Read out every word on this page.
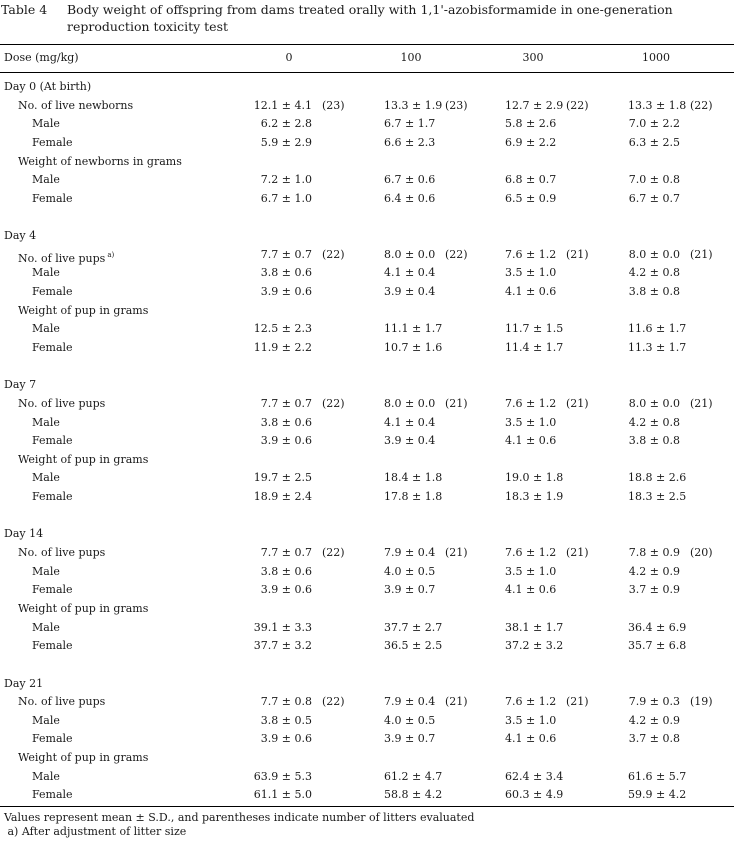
Table 4	Body weight of offspring from dams treated orally with 1,1'-azobisformamide in one-generation
reproduction toxicity test
Dose (mg/kg)	0	100	300	1000
Day 0 (At birth)
No. of live newborns	12.1 ± 4.1 (23)	13.3 ± 1.9 (23)	12.7 ± 2.9 (22)	13.3 ± 1.8 (22)
Male	6.2 ± 2.8	6.7 ± 1.7	5.8 ± 2.6	7.0 ± 2.2
Female	5.9 ± 2.9	6.6 ± 2.3	6.9 ± 2.2	6.3 ± 2.5
Weight of newborns in grams
Male	7.2 ± 1.0	6.7 ± 0.6	6.8 ± 0.7	7.0 ± 0.8
Female	6.7 ± 1.0	6.4 ± 0.6	6.5 ± 0.9	6.7 ± 0.7
Day 4
No. of live pups $^{a)}$	7.7 ± 0.7 (22)	8.0 ± 0.0 (22)	7.6 ± 1.2 (21)	8.0 ± 0.0 (21)
Male	3.8 ± 0.6	4.1 ± 0.4	3.5 ± 1.0	4.2 ± 0.8
Female	3.9 ± 0.6	3.9 ± 0.4	4.1 ± 0.6	3.8 ± 0.8
Weight of pup in grams
Male	12.5 ± 2.3	11.1 ± 1.7	11.7 ± 1.5	11.6 ± 1.7
Female	11.9 ± 2.2	10.7 ± 1.6	11.4 ± 1.7	11.3 ± 1.7
Day 7
No. of live pups	7.7 ± 0.7 (22)	8.0 ± 0.0 (21)	7.6 ± 1.2 (21)	8.0 ± 0.0 (21)
Male	3.8 ± 0.6	4.1 ± 0.4	3.5 ± 1.0	4.2 ± 0.8
Female	3.9 ± 0.6	3.9 ± 0.4	4.1 ± 0.6	3.8 ± 0.8
Weight of pup in grams
Male	19.7 ± 2.5	18.4 ± 1.8	19.0 ± 1.8	18.8 ± 2.6
Female	18.9 ± 2.4	17.8 ± 1.8	18.3 ± 1.9	18.3 ± 2.5
Day 14
No. of live pups	7.7 ± 0.7 (22)	7.9 ± 0.4 (21)	7.6 ± 1.2 (21)	7.8 ± 0.9 (20)
Male	3.8 ± 0.6	4.0 ± 0.5	3.5 ± 1.0	4.2 ± 0.9
Female	3.9 ± 0.6	3.9 ± 0.7	4.1 ± 0.6	3.7 ± 0.9
Weight of pup in grams
Male	39.1 ± 3.3	37.7 ± 2.7	38.1 ± 1.7	36.4 ± 6.9
Female	37.7 ± 3.2	36.5 ± 2.5	37.2 ± 3.2	35.7 ± 6.8
Day 21
No. of live pups	7.7 ± 0.8 (22)	7.9 ± 0.4 (21)	7.6 ± 1.2 (21)	7.9 ± 0.3 (19)
Male	3.8 ± 0.5	4.0 ± 0.5	3.5 ± 1.0	4.2 ± 0.9
Female	3.9 ± 0.6	3.9 ± 0.7	4.1 ± 0.6	3.7 ± 0.8
Weight of pup in grams
Male	63.9 ± 5.3	61.2 ± 4.7	62.4 ± 3.4	61.6 ± 5.7
Female	61.1 ± 5.0	58.8 ± 4.2	60.3 ± 4.9	59.9 ± 4.2
Values represent mean ± S.D., and parentheses indicate number of litters evaluated
a) After adjustment of litter size
